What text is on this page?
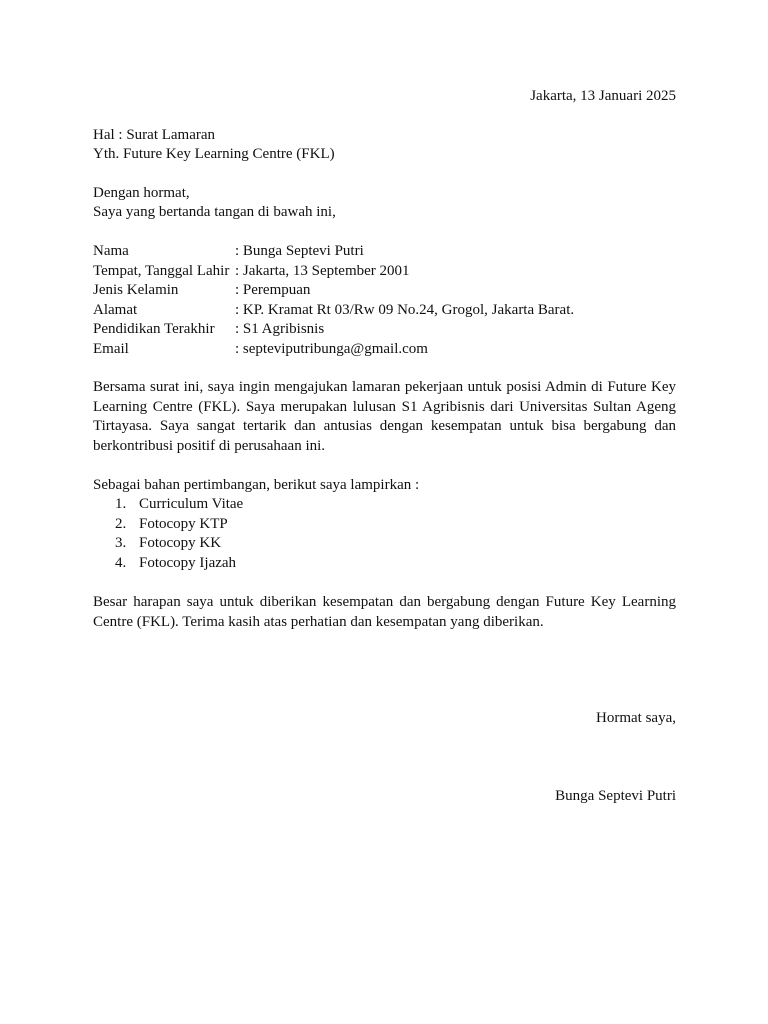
Jakarta, 13 Januari 2025
Hal : Surat Lamaran
Yth. Future Key Learning Centre (FKL)
Dengan hormat,
Saya yang bertanda tangan di bawah ini,
Nama	: Bunga Septevi Putri
Tempat, Tanggal Lahir : Jakarta, 13 September 2001
Jenis Kelamin	: Perempuan
Alamat	: KP. Kramat Rt 03/Rw 09 No.24, Grogol, Jakarta Barat.
Pendidikan Terakhir : S1 Agribisnis
Email	: septeviputribunga@gmail.com
Bersama surat ini, saya ingin mengajukan lamaran pekerjaan untuk posisi Admin di Future Key Learning Centre (FKL). Saya merupakan lulusan S1 Agribisnis dari Universitas Sultan Ageng Tirtayasa. Saya sangat tertarik dan antusias dengan kesempatan untuk bisa bergabung dan berkontribusi positif di perusahaan ini.
Sebagai bahan pertimbangan, berikut saya lampirkan :
1. Curriculum Vitae
2. Fotocopy KTP
3. Fotocopy KK
4. Fotocopy Ijazah
Besar harapan saya untuk diberikan kesempatan dan bergabung dengan Future Key Learning Centre (FKL). Terima kasih atas perhatian dan kesempatan yang diberikan.
Hormat saya,
Bunga Septevi Putri
